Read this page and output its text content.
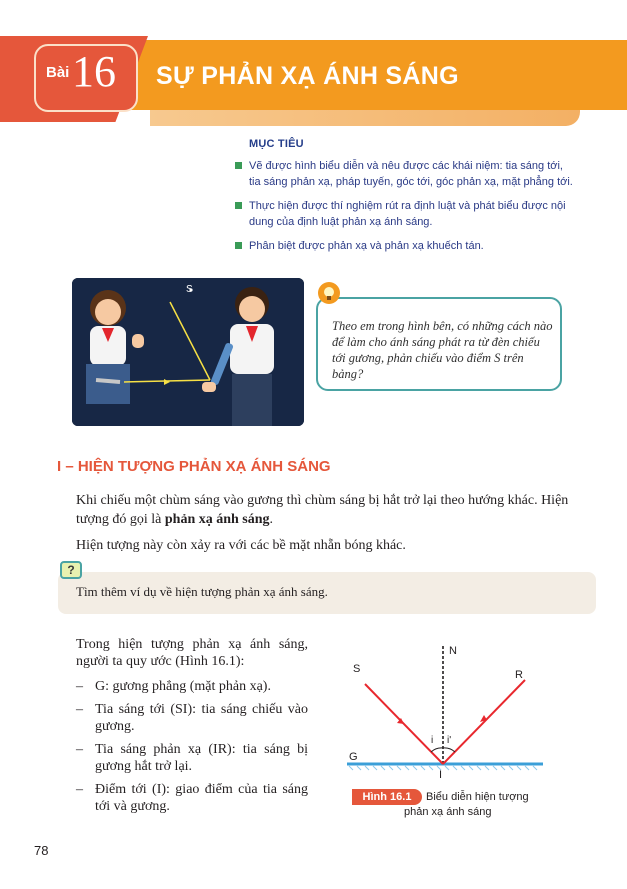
Bài 16 SỰ PHẢN XẠ ÁNH SÁNG
MỤC TIÊU
Vẽ được hình biểu diễn và nêu được các khái niệm: tia sáng tới, tia sáng phản xạ, pháp tuyến, góc tới, góc phản xạ, mặt phẳng tới.
Thực hiện được thí nghiệm rút ra định luật và phát biểu được nội dung của định luật phản xạ ánh sáng.
Phân biệt được phản xạ và phản xạ khuếch tán.
S
Theo em trong hình bên, có những cách nào để làm cho ánh sáng phát ra từ đèn chiếu tới gương, phản chiếu vào điểm S trên bảng?
I – HIỆN TƯỢNG PHẢN XẠ ÁNH SÁNG
Khi chiếu một chùm sáng vào gương thì chùm sáng bị hắt trở lại theo hướng khác. Hiện tượng đó gọi là phản xạ ánh sáng.
Hiện tượng này còn xảy ra với các bề mặt nhẵn bóng khác.
?
Tìm thêm ví dụ về hiện tượng phản xạ ánh sáng.
Trong hiện tượng phản xạ ánh sáng, người ta quy ước (Hình 16.1):
– G: gương phẳng (mặt phản xạ).
– Tia sáng tới (SI): tia sáng chiếu vào gương.
– Tia sáng phản xạ (IR): tia sáng bị gương hắt trở lại.
– Điểm tới (I): giao điểm của tia sáng tới và gương.
N
S	R
G
I
i i'
Hình 16.1	Biểu diễn hiện tượng
phản xạ ánh sáng
78
